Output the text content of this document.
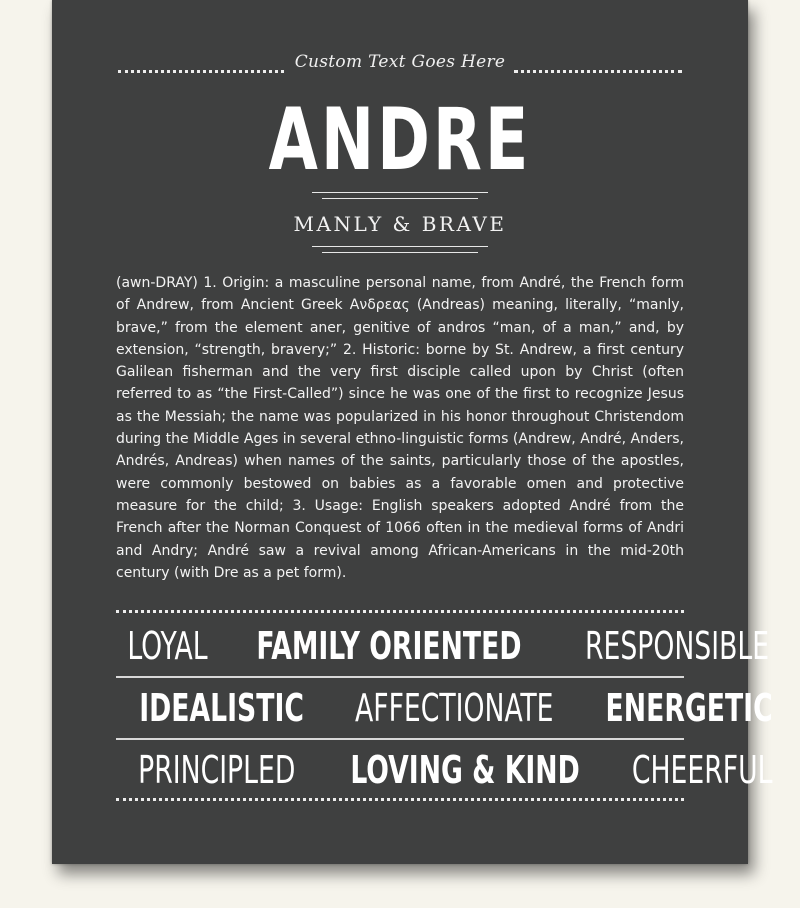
Custom Text Goes Here
ANDRE
MANLY & BRAVE
(awn-DRAY) 1. Origin: a masculine personal name, from André, the French form of Andrew, from Ancient Greek Ανδρεας (Andreas) meaning, literally, “manly, brave,” from the element aner, genitive of andros “man, of a man,” and, by extension, “strength, bravery;” 2. Historic: borne by St. Andrew, a first century Galilean fisherman and the very first disciple called upon by Christ (often referred to as “the First-Called”) since he was one of the first to recognize Jesus as the Messiah; the name was popularized in his honor throughout Christendom during the Middle Ages in several ethno-linguistic forms (Andrew, André, Anders, Andrés, Andreas) when names of the saints, particularly those of the apostles, were commonly bestowed on babies as a favorable omen and protective measure for the child; 3. Usage: English speakers adopted André from the French after the Norman Conquest of 1066 often in the medieval forms of Andri and Andry; André saw a revival among African-Americans in the mid-20th century (with Dre as a pet form).
LOYAL FAMILY ORIENTED RESPONSIBLE
IDEALISTIC AFFECTIONATE ENERGETIC
PRINCIPLED LOVING & KIND CHEERFUL
